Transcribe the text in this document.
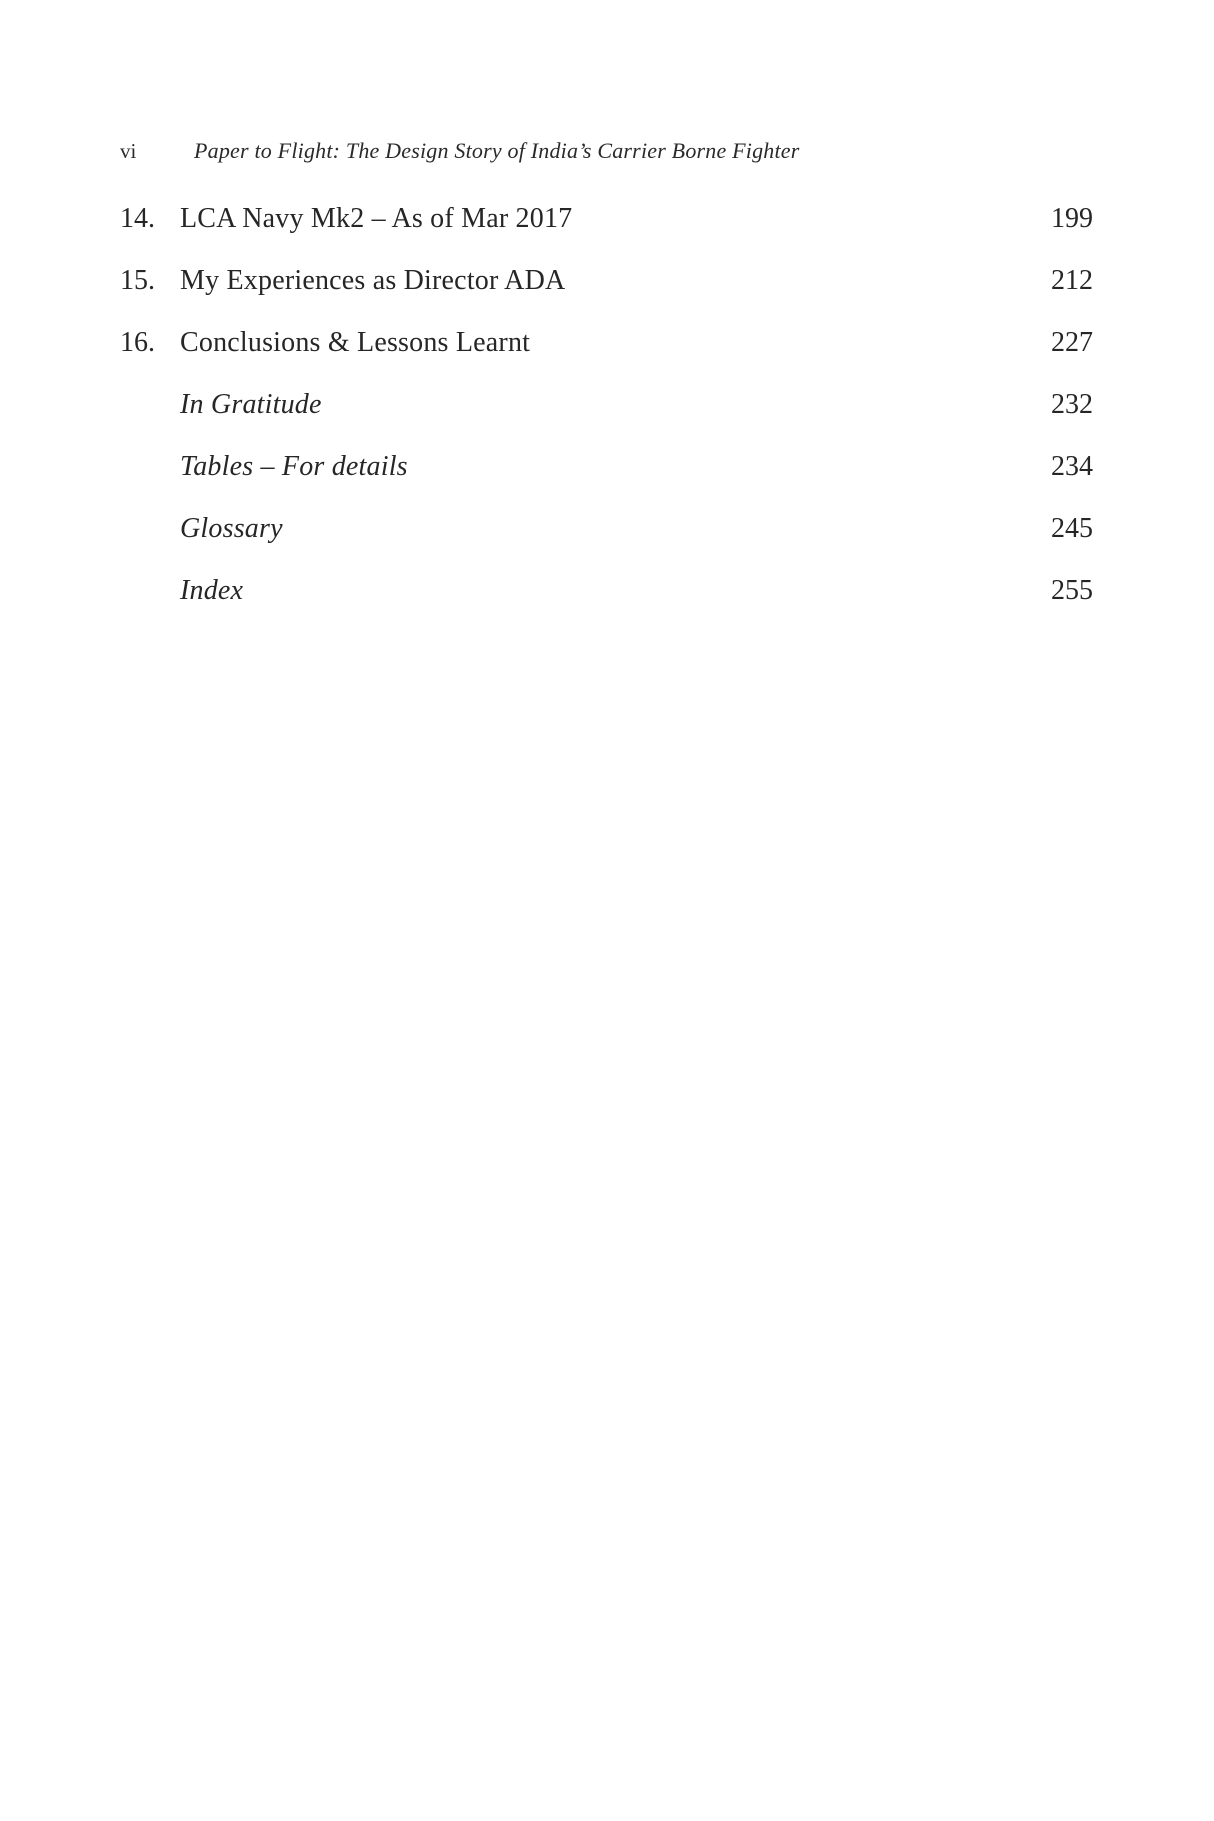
vi	Paper to Flight: The Design Story of India’s Carrier Borne Fighter
14. LCA Navy Mk2 – As of Mar 2017	199
15. My Experiences as Director ADA	212
16. Conclusions & Lessons Learnt	227
In Gratitude	232
Tables – For details	234
Glossary	245
Index	255
